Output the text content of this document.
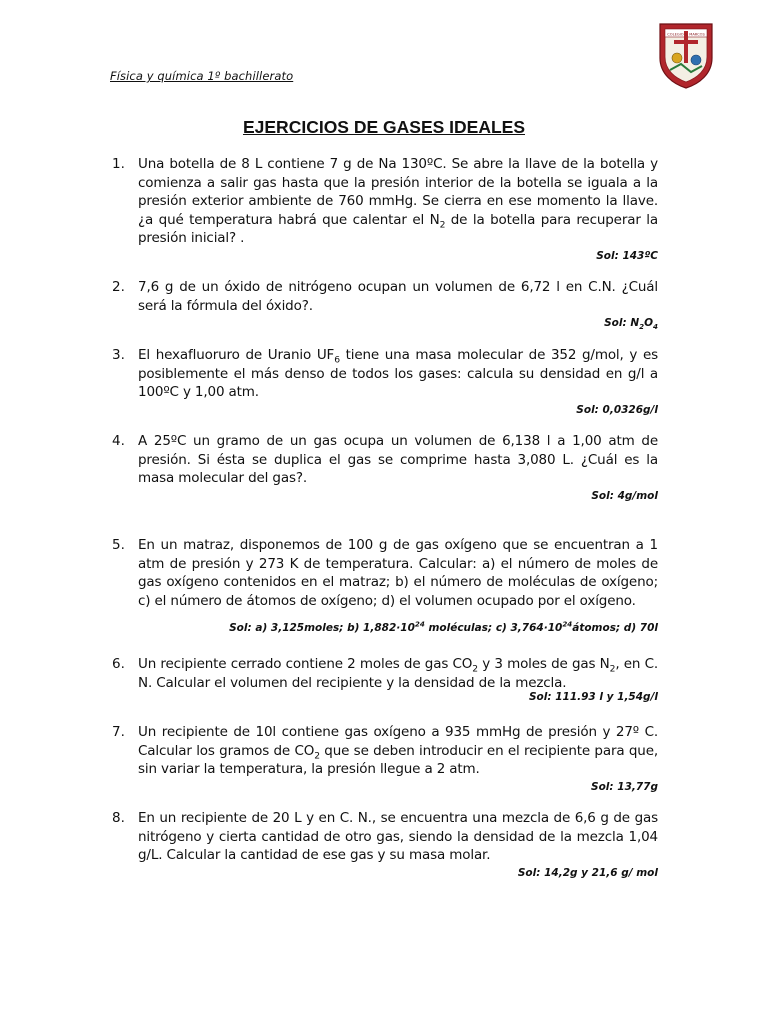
Física y química 1º bachillerato
COLEGIO S. MARCOS
EJERCICIOS DE GASES IDEALES
1. Una botella de 8 L contiene 7 g de Na 130ºC. Se abre la llave de la botella y comienza a salir gas hasta que la presión interior de la botella se iguala a la presión exterior ambiente de 760 mmHg. Se cierra en ese momento la llave. ¿a qué temperatura habrá que calentar el $N_2$ de la botella para recuperar la presión inicial? .
Sol: 143ºC
2. 7,6 g de un óxido de nitrógeno ocupan un volumen de 6,72 l en C.N. ¿Cuál será la fórmula del óxido?.
Sol: $N_2O_4$
3. El hexafluoruro de Uranio $UF_6$ tiene una masa molecular de 352 g/mol, y es posiblemente el más denso de todos los gases: calcula su densidad en g/l a 100ºC y 1,00 atm.
Sol: 0,0326g/l
4. A 25ºC un gramo de un gas ocupa un volumen de 6,138 l a 1,00 atm de presión. Si ésta se duplica el gas se comprime hasta 3,080 L. ¿Cuál es la masa molecular del gas?.
Sol: 4g/mol
5. En un matraz, disponemos de 100 g de gas oxígeno que se encuentran a 1 atm de presión y 273 K de temperatura. Calcular: a) el número de moles de gas oxígeno contenidos en el matraz; b) el número de moléculas de oxígeno; c) el número de átomos de oxígeno; d) el volumen ocupado por el oxígeno.
Sol: a) 3,125moles; b) $1,882\cdot 10^{24}$ moléculas; c) $3,764\cdot 10^{24}átomos$; d) 70l
6. Un recipiente cerrado contiene 2 moles de gas $CO_2$ y 3 moles de gas $N_2$, en C. N. Calcular el volumen del recipiente y la densidad de la mezcla.
Sol: 111.93 l y 1,54g/l
7. Un recipiente de 10l contiene gas oxígeno a 935 mmHg de presión y 27º C. Calcular los gramos de $CO_2$ que se deben introducir en el recipiente para que, sin variar la temperatura, la presión llegue a 2 atm.
Sol: 13,77g
8. En un recipiente de 20 L y en C. N., se encuentra una mezcla de 6,6 g de gas nitrógeno y cierta cantidad de otro gas, siendo la densidad de la mezcla 1,04 g/L. Calcular la cantidad de ese gas y su masa molar.
Sol: 14,2g y 21,6 g/ mol
